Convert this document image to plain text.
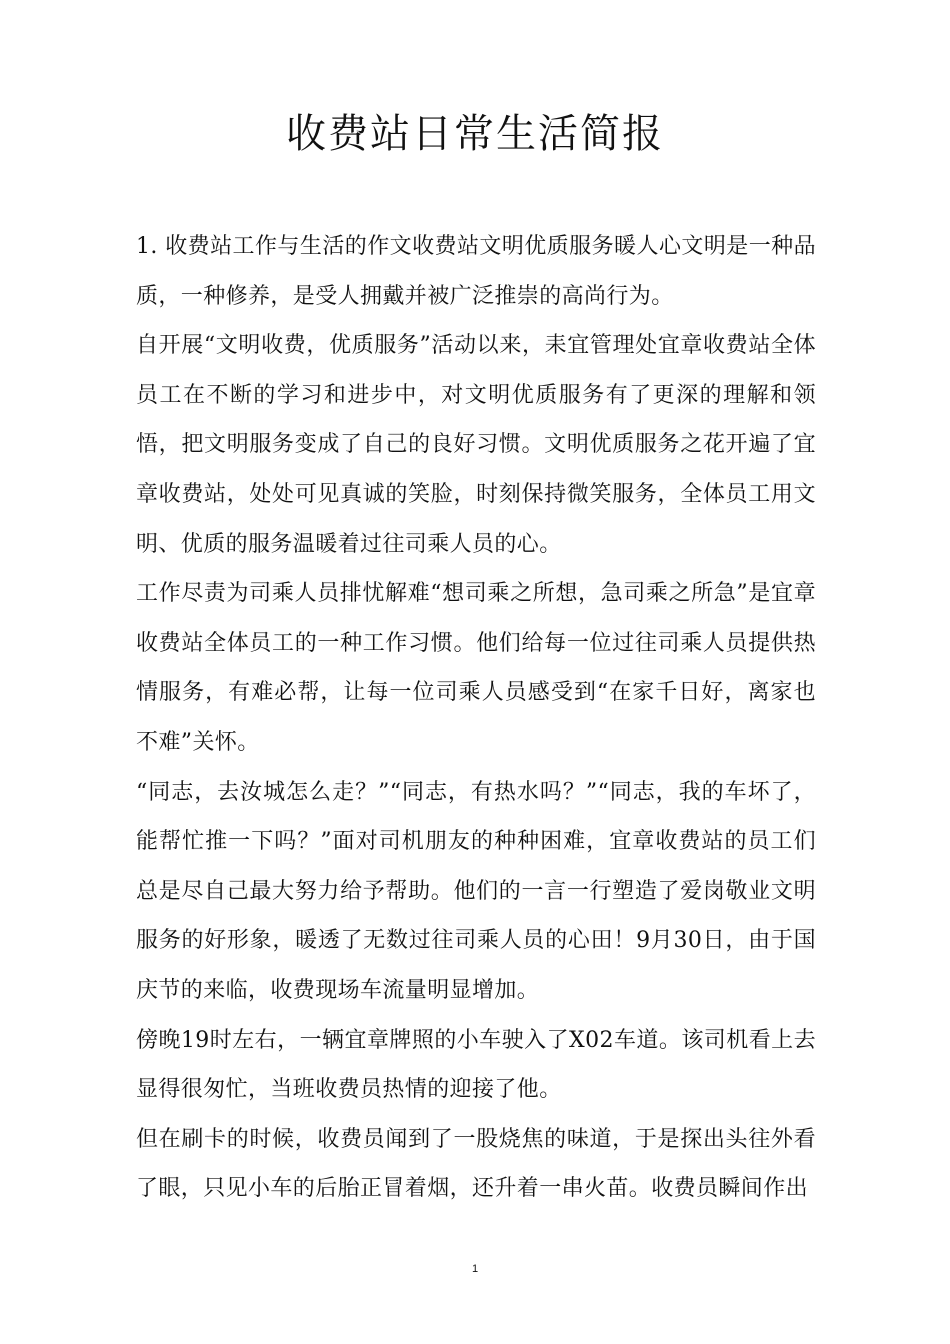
收费站日常生活简报

1. 收费站工作与生活的作文收费站文明优质服务暖人心文明是一种品质，一种修养，是受人拥戴并被广泛推崇的高尚行为。

自开展“文明收费，优质服务”活动以来，耒宜管理处宜章收费站全体员工在不断的学习和进步中，对文明优质服务有了更深的理解和领悟，把文明服务变成了自己的良好习惯。文明优质服务之花开遍了宜章收费站，处处可见真诚的笑脸，时刻保持微笑服务，全体员工用文明、优质的服务温暖着过往司乘人员的心。

工作尽责为司乘人员排忧解难“想司乘之所想，急司乘之所急”是宜章收费站全体员工的一种工作习惯。他们给每一位过往司乘人员提供热情服务，有难必帮，让每一位司乘人员感受到“在家千日好，离家也不难”关怀。

“同志，去汝城怎么走？”“同志，有热水吗？”“同志，我的车坏了，能帮忙推一下吗？”面对司机朋友的种种困难，宜章收费站的员工们总是尽自己最大努力给予帮助。他们的一言一行塑造了爱岗敬业文明服务的好形象，暖透了无数过往司乘人员的心田！9月30日，由于国庆节的来临，收费现场车流量明显增加。

傍晚19时左右，一辆宜章牌照的小车驶入了X02车道。该司机看上去显得很匆忙，当班收费员热情的迎接了他。

但在刷卡的时候，收费员闻到了一股烧焦的味道，于是探出头往外看了眼，只见小车的后胎正冒着烟，还升着一串火苗。收费员瞬间作出

1
